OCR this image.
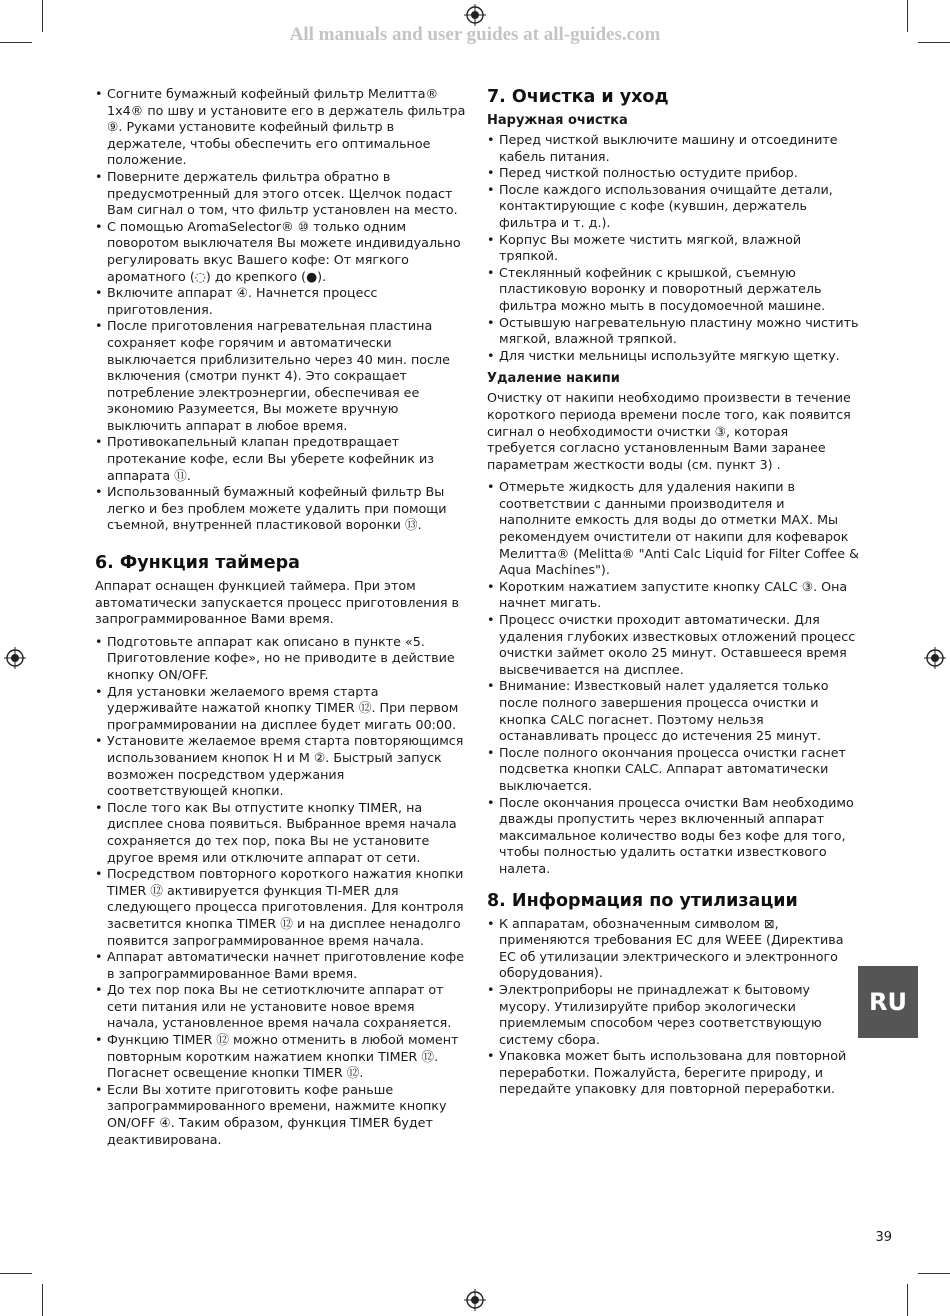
All manuals and user guides at all-guides.com
• Согните бумажный кофейный фильтр Мелитта® 1x4® по шву и установите его в держатель фильтра ⑨. Руками установите кофейный фильтр в держателе, чтобы обеспечить его оптимальное положение.
• Поверните держатель фильтра обратно в предусмотренный для этого отсек. Щелчок подаст Вам сигнал о том, что фильтр установлен на место.
• С помощью AromaSelector® ⑩ только одним поворотом выключателя Вы можете индивидуально регулировать вкус Вашего кофе: От мягкого ароматного (◌) до крепкого (●).
• Включите аппарат ④. Начнется процесс приготовления.
• После приготовления нагревательная пластина сохраняет кофе горячим и автоматически выключается приблизительно через 40 мин. после включения (смотри пункт 4). Это сокращает потребление электроэнергии, обеспечивая ее экономию Разумеется, Вы можете вручную выключить аппарат в любое время.
• Противокапельный клапан предотвращает протекание кофе, если Вы уберете кофейник из аппарата ⑪.
• Использованный бумажный кофейный фильтр Вы легко и без проблем можете удалить при помощи съемной, внутренней пластиковой воронки ⑬.
6. Функция таймера

Аппарат оснащен функцией таймера. При этом автоматически запускается процесс приготовления в запрограммированное Вами время.

• Подготовьте аппарат как описано в пункте «5. Приготовление кофе», но не приводите в действие кнопку ON/OFF.
• Для установки желаемого время старта удерживайте нажатой кнопку TIMER ⑫. При первом программировании на дисплее будет мигать 00:00.
• Установите желаемое время старта повторяющимся использованием кнопок H и M ②. Быстрый запуск возможен посредством удержания соответствующей кнопки.
• После того как Вы отпустите кнопку TIMER, на дисплее снова появиться. Выбранное время начала сохраняется до тех пор, пока Вы не установите другое время или отключите аппарат от сети.
• Посредством повторного короткого нажатия кнопки TIMER ⑫ активируется функция TI-MER для следующего процесса приготовления. Для контроля засветится кнопка TIMER ⑫ и на дисплее ненадолго появится запрограммированное время начала.
• Аппарат автоматически начнет приготовление кофе в запрограммированное Вами время.
• До тех пор пока Вы не сетиотключите аппарат от сети питания или не установите новое время начала, установленное время начала сохраняется.
• Функцию TIMER ⑫ можно отменить в любой момент повторным коротким нажатием кнопки TIMER ⑫. Погаснет освещение кнопки TIMER ⑫.
• Если Вы хотите приготовить кофе раньше запрограммированного времени, нажмите кнопку ON/OFF ④. Таким образом, функция TIMER будет деактивирована.
7. Очистка и уход
Наружная очистка
• Перед чисткой выключите машину и отсоедините кабель питания.
• Перед чисткой полностью остудите прибор.
• После каждого использования очищайте детали, контактирующие с кофе (кувшин, держатель фильтра и т. д.).
• Корпус Вы можете чистить мягкой, влажной тряпкой.
• Стеклянный кофейник с крышкой, съемную пластиковую воронку и поворотный держатель фильтра можно мыть в посудомоечной машине.
• Остывшую нагревательную пластину можно чистить мягкой, влажной тряпкой.
• Для чистки мельницы используйте мягкую щетку.
Удаление накипи

Очистку от накипи необходимо произвести в течение короткого периода времени после того, как появится сигнал о необходимости очистки ③, которая требуется согласно установленным Вами заранее параметрам жесткости воды (см. пункт 3) .

• Отмерьте жидкость для удаления накипи в соответствии с данными производителя и наполните емкость для воды до отметки MAX. Мы рекомендуем очистители от накипи для кофеварок Мелитта® (Melitta® "Anti Calc Liquid for Filter Coffee & Aqua Machines").
• Коротким нажатием запустите кнопку CALC ③. Она начнет мигать.
• Процесс очистки проходит автоматически. Для удаления глубоких известковых отложений процесс очистки займет около 25 минут. Оставшееся время высвечивается на дисплее.
• Внимание: Известковый налет удаляется только после полного завершения процесса очистки и кнопка CALC погаснет. Поэтому нельзя останавливать процесс до истечения 25 минут.
• После полного окончания процесса очистки гаснет подсветка кнопки CALC. Аппарат автоматически выключается.
• После окончания процесса очистки Вам необходимо дважды пропустить через включенный аппарат максимальное количество воды без кофе для того, чтобы полностью удалить остатки известкового налета.
8. Информация по утилизации
• К аппаратам, обозначенным символом ⊠, применяются требования ЕС для WEEE (Директива ЕС об утилизации электрического и электронного оборудования).
• Электроприборы не принадлежат к бытовому мусору. Утилизируйте прибор экологически приемлемым способом через соответствующую систему сбора.
• Упаковка может быть использована для повторной переработки. Пожалуйста, берегите природу, и передайте упаковку для повторной переработки.
RU
39
